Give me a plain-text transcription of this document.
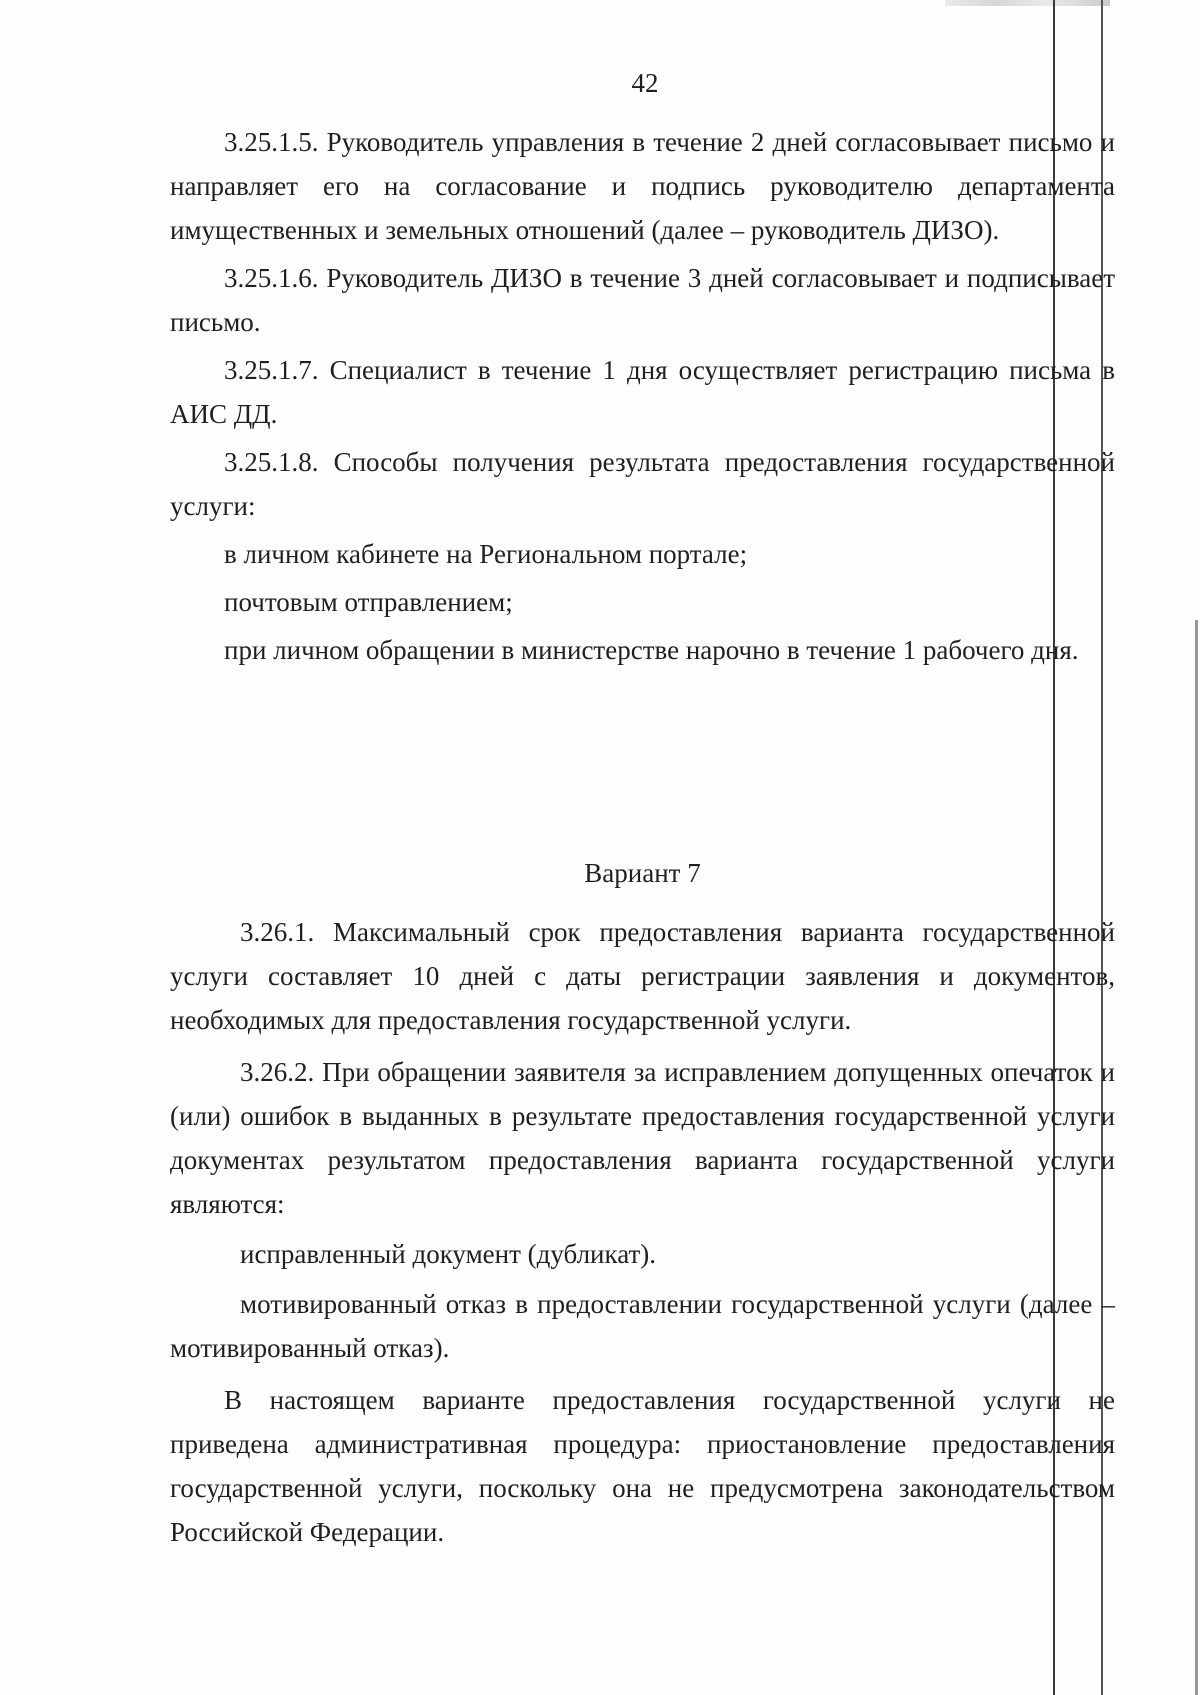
42

3.25.1.5. Руководитель управления в течение 2 дней согласовывает письмо и направляет его на согласование и подпись руководителю департамента имущественных и земельных отношений (далее – руководитель ДИЗО).

3.25.1.6. Руководитель ДИЗО в течение 3 дней согласовывает и подписывает письмо.

3.25.1.7. Специалист в течение 1 дня осуществляет регистрацию письма в АИС ДД.

3.25.1.8. Способы получения результата предоставления государственной услуги:

в личном кабинете на Региональном портале;

почтовым отправлением;

при личном обращении в министерстве нарочно в течение 1 рабочего дня.

Вариант 7

3.26.1. Максимальный срок предоставления варианта государственной услуги составляет 10 дней с даты регистрации заявления и документов, необходимых для предоставления государственной услуги.

3.26.2. При обращении заявителя за исправлением допущенных опечаток и (или) ошибок в выданных в результате предоставления государственной услуги документах результатом предоставления варианта государственной услуги являются:

исправленный документ (дубликат).

мотивированный отказ в предоставлении государственной услуги (далее – мотивированный отказ).

В настоящем варианте предоставления государственной услуги не приведена административная процедура: приостановление предоставления государственной услуги, поскольку она не предусмотрена законодательством Российской Федерации.
